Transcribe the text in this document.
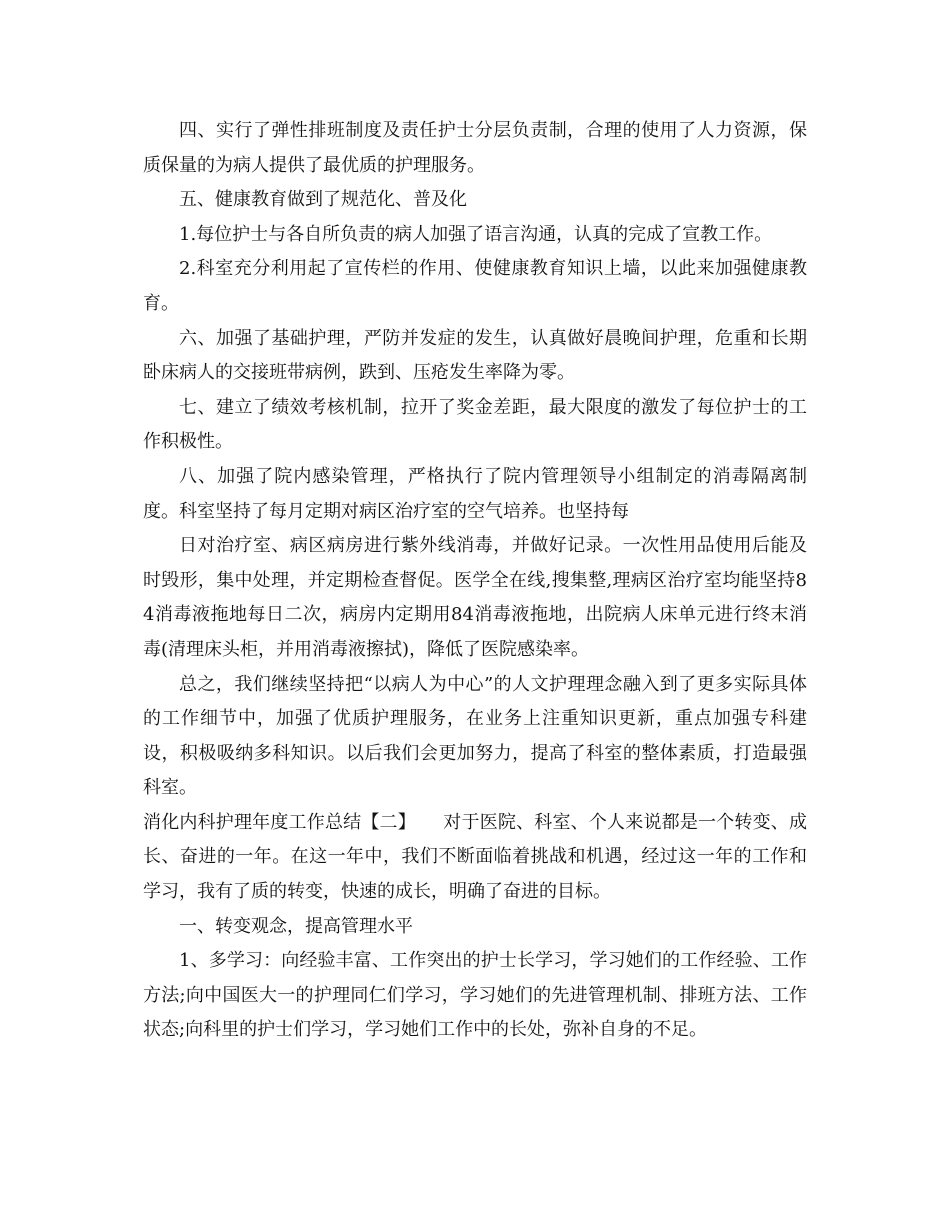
四、实行了弹性排班制度及责任护士分层负责制，合理的使用了人力资源，保质保量的为病人提供了最优质的护理服务。

五、健康教育做到了规范化、普及化

1.每位护士与各自所负责的病人加强了语言沟通，认真的完成了宣教工作。

2.科室充分利用起了宣传栏的作用、使健康教育知识上墙，以此来加强健康教育。

六、加强了基础护理，严防并发症的发生，认真做好晨晚间护理，危重和长期卧床病人的交接班带病例，跌到、压疮发生率降为零。

七、建立了绩效考核机制，拉开了奖金差距，最大限度的激发了每位护士的工作积极性。

八、加强了院内感染管理，严格执行了院内管理领导小组制定的消毒隔离制度。科室坚持了每月定期对病区治疗室的空气培养。也坚持每

日对治疗室、病区病房进行紫外线消毒，并做好记录。一次性用品使用后能及时毁形，集中处理，并定期检查督促。医学全在线,搜集整,理病区治疗室均能坚持84消毒液拖地每日二次，病房内定期用84消毒液拖地，出院病人床单元进行终末消毒(清理床头柜，并用消毒液擦拭)，降低了医院感染率。

总之，我们继续坚持把“以病人为中心”的人文护理理念融入到了更多实际具体的工作细节中，加强了优质护理服务，在业务上注重知识更新，重点加强专科建设，积极吸纳多科知识。以后我们会更加努力，提高了科室的整体素质，打造最强科室。

消化内科护理年度工作总结【二】　　对于医院、科室、个人来说都是一个转变、成长、奋进的一年。在这一年中，我们不断面临着挑战和机遇，经过这一年的工作和学习，我有了质的转变，快速的成长，明确了奋进的目标。

一、转变观念，提高管理水平

1、多学习：向经验丰富、工作突出的护士长学习，学习她们的工作经验、工作方法;向中国医大一的护理同仁们学习，学习她们的先进管理机制、排班方法、工作状态;向科里的护士们学习，学习她们工作中的长处，弥补自身的不足。
